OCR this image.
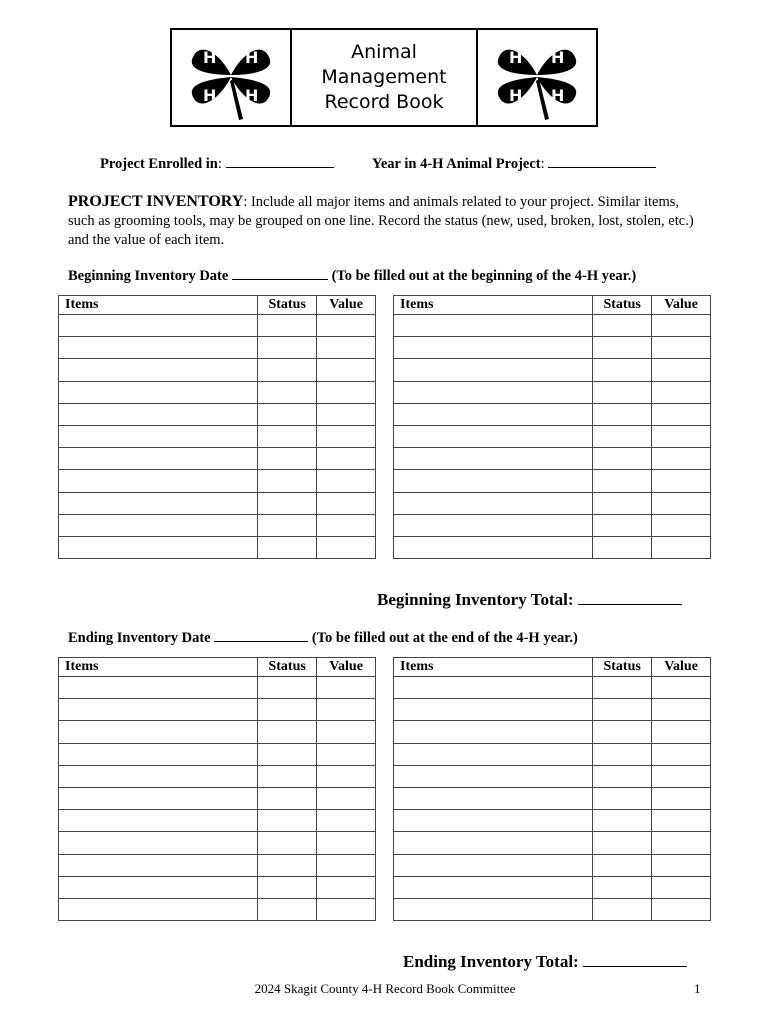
H H
H H
Animal
Management
Record Book
H H
H H
Project Enrolled in:	Year in 4-H Animal Project:

PROJECT INVENTORY: Include all major items and animals related to your project. Similar items, such as grooming tools, may be grouped on one line. Record the status (new, used, broken, lost, stolen, etc.) and the value of each item.

Beginning Inventory Date	(To be filled out at the beginning of the 4-H year.)
Items	Status	Value

			Items	Status	Value

Beginning Inventory Total:
Ending Inventory Date	(To be filled out at the end of the 4-H year.)
Items	Status	Value

			Items	Status	Value

Ending Inventory Total:
2024 Skagit County 4-H Record Book Committee	1
